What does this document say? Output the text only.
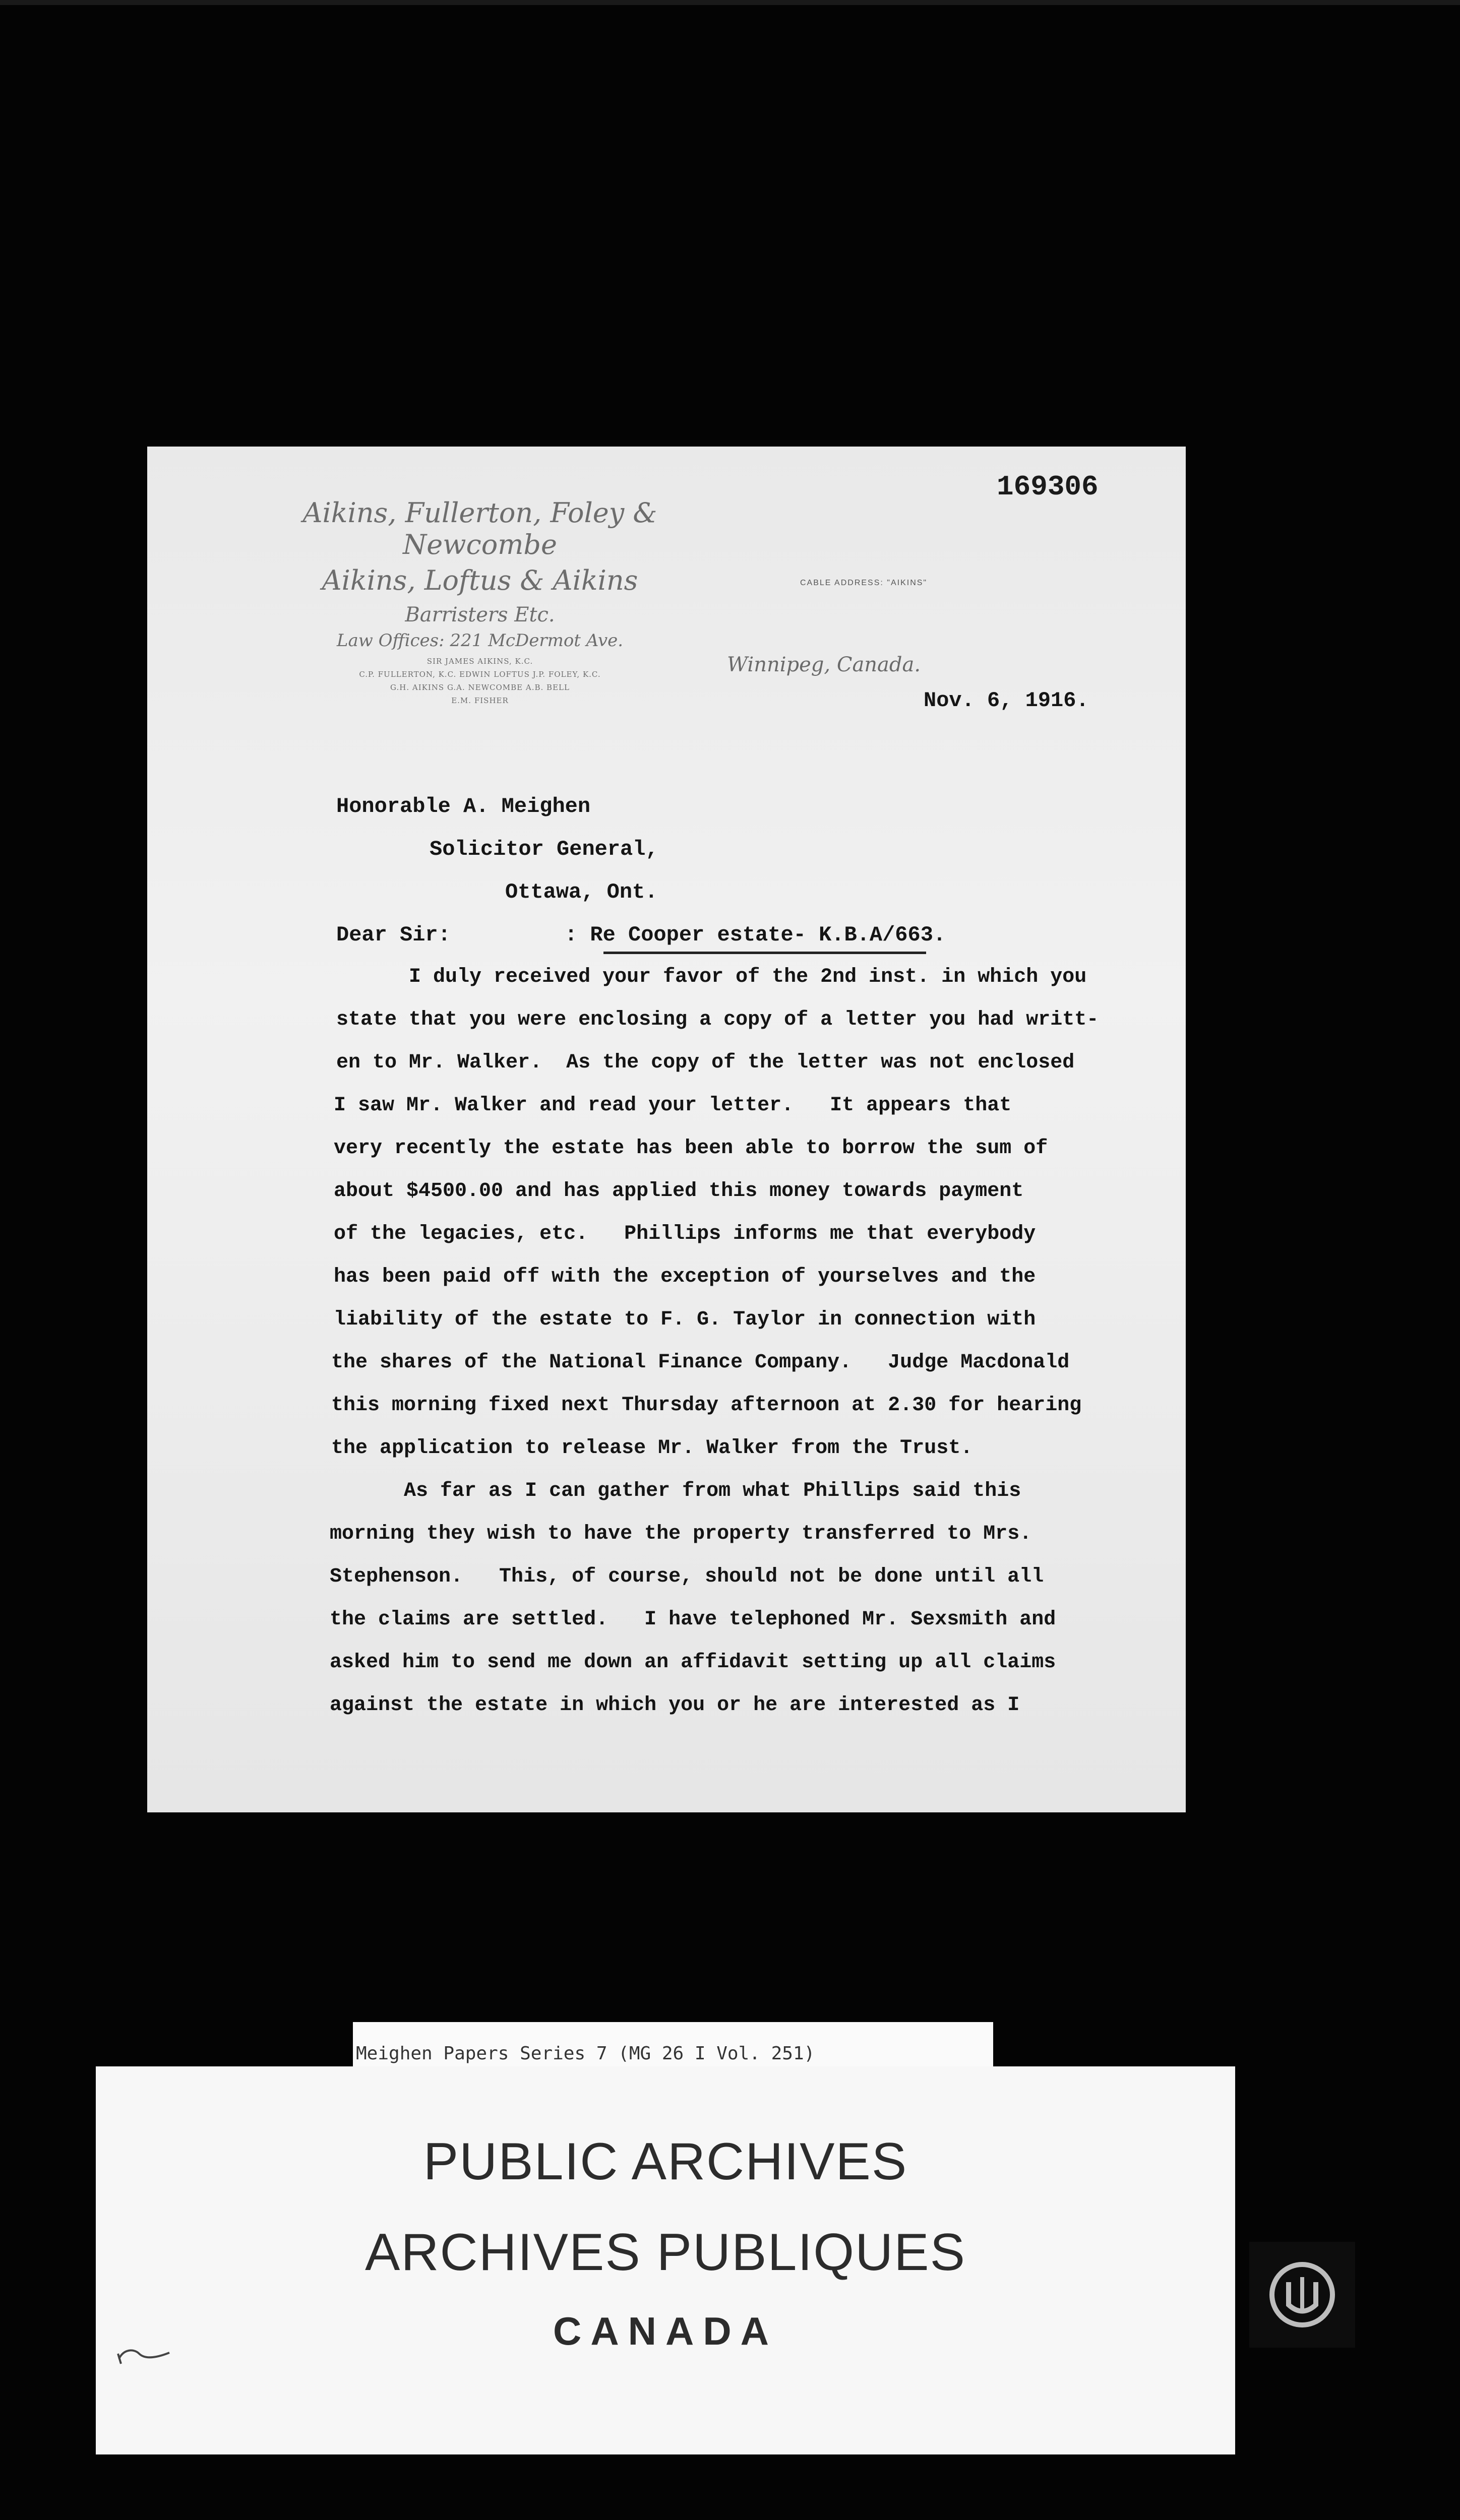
Aikins, Fullerton, Foley & Newcombe
Aikins, Loftus & Aikins
Barristers Etc.
Law Offices: 221 McDermot Ave.
SIR JAMES AIKINS, K.C.
C.P. FULLERTON, K.C. EDWIN LOFTUS J.P. FOLEY, K.C.
G.H. AIKINS G.A. NEWCOMBE A.B. BELL
E.M. FISHER
169306
CABLE ADDRESS: "AIKINS"
Winnipeg, Canada.
Nov. 6, 1916.
Honorable A. Meighen
Solicitor General,
Ottawa, Ont.
Dear Sir:	: Re Cooper estate- K.B.A/663.
I duly received your favor of the 2nd inst. in which you
state that you were enclosing a copy of a letter you had writt-
en to Mr. Walker.  As the copy of the letter was not enclosed
I saw Mr. Walker and read your letter.   It appears that
very recently the estate has been able to borrow the sum of
about $4500.00 and has applied this money towards payment
of the legacies, etc.   Phillips informs me that everybody
has been paid off with the exception of yourselves and the
liability of the estate to F. G. Taylor in connection with
the shares of the National Finance Company.   Judge Macdonald
this morning fixed next Thursday afternoon at 2.30 for hearing
the application to release Mr. Walker from the Trust.
As far as I can gather from what Phillips said this
morning they wish to have the property transferred to Mrs.
Stephenson.   This, of course, should not be done until all
the claims are settled.   I have telephoned Mr. Sexsmith and
asked him to send me down an affidavit setting up all claims
against the estate in which you or he are interested as I
Meighen Papers Series 7 (MG 26 I Vol. 251)
PUBLIC ARCHIVES
ARCHIVES PUBLIQUES
CANADA
